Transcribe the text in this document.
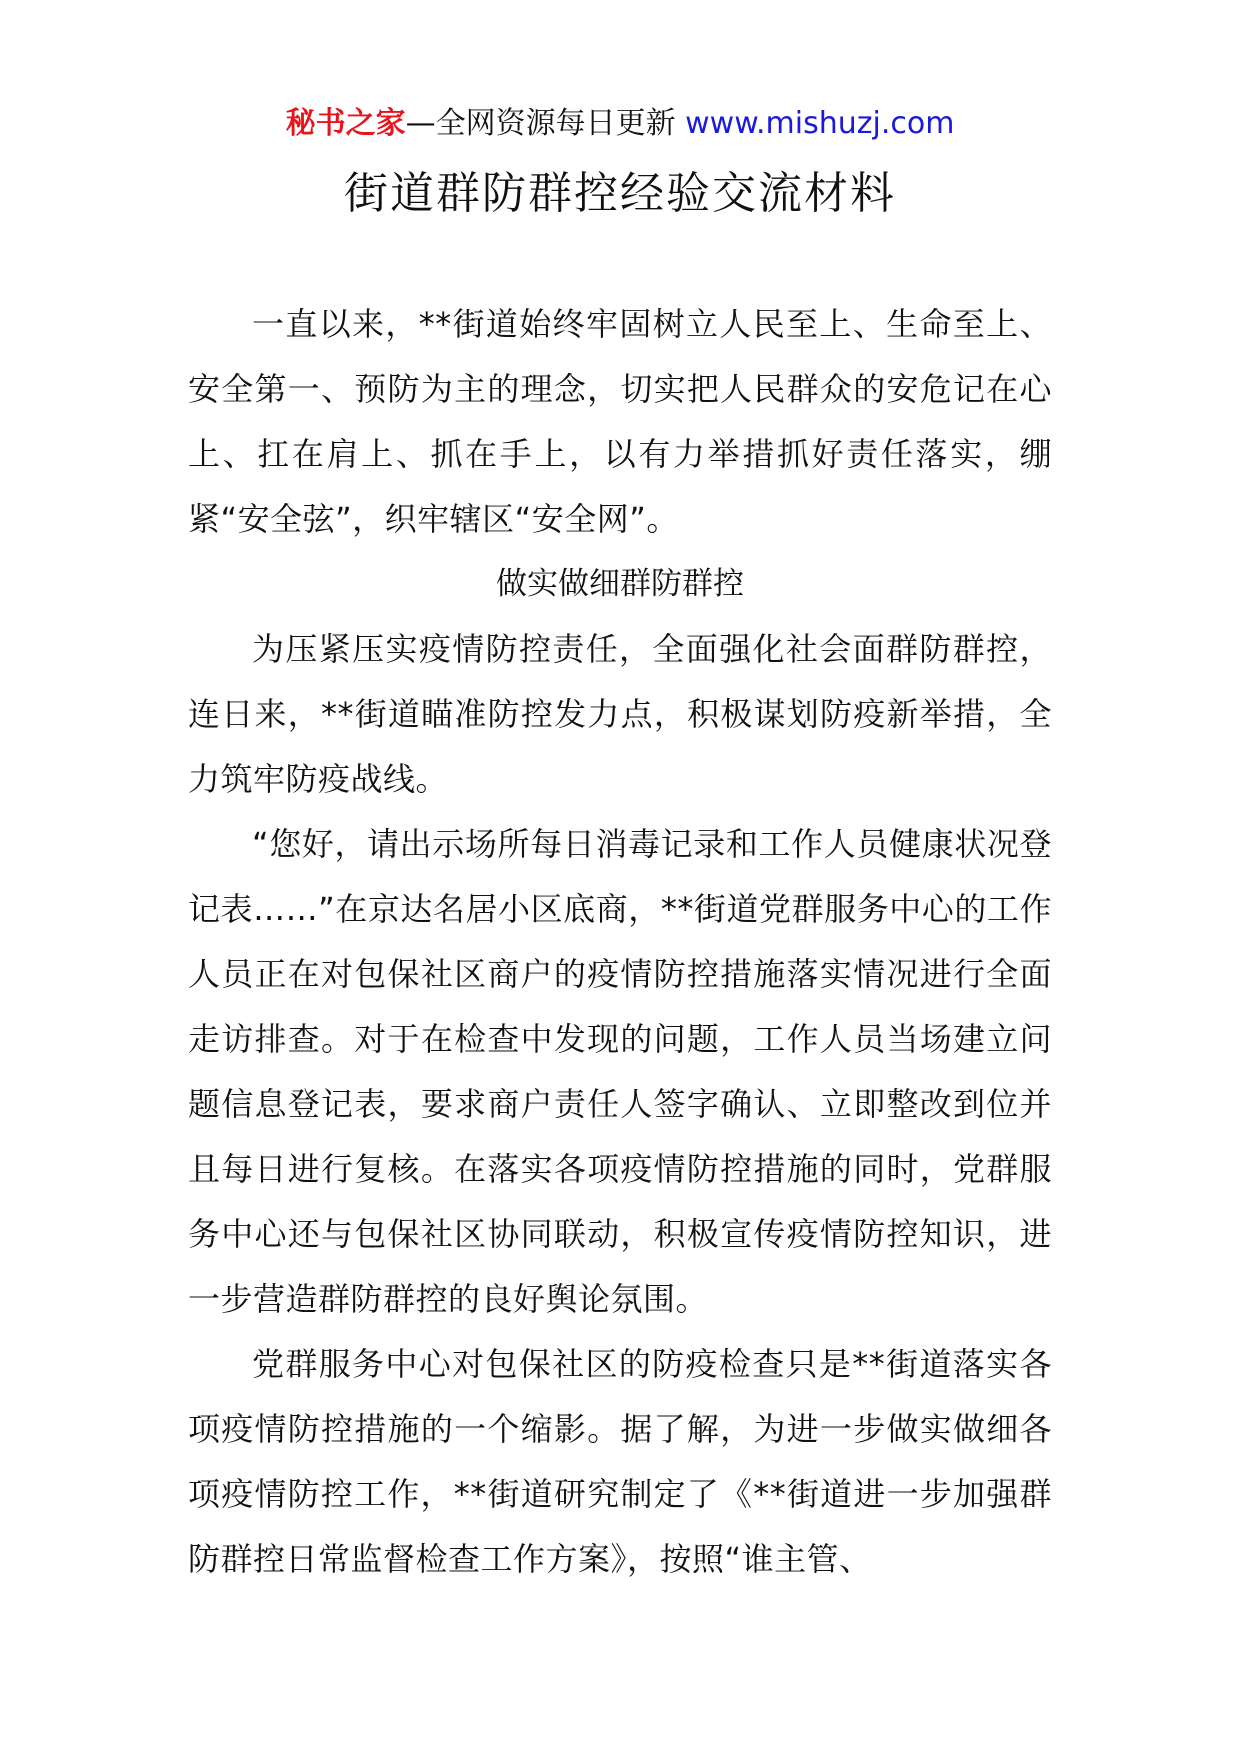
秘书之家—全网资源每日更新 www.mishuzj.com
街道群防群控经验交流材料

一直以来，**街道始终牢固树立人民至上、生命至上、安全第一、预防为主的理念，切实把人民群众的安危记在心上、扛在肩上、抓在手上，以有力举措抓好责任落实，绷紧“安全弦”，织牢辖区“安全网”。

做实做细群防群控

为压紧压实疫情防控责任，全面强化社会面群防群控，连日来，**街道瞄准防控发力点，积极谋划防疫新举措，全力筑牢防疫战线。

“您好，请出示场所每日消毒记录和工作人员健康状况登记表……”在京达名居小区底商，**街道党群服务中心的工作人员正在对包保社区商户的疫情防控措施落实情况进行全面走访排查。对于在检查中发现的问题，工作人员当场建立问题信息登记表，要求商户责任人签字确认、立即整改到位并且每日进行复核。在落实各项疫情防控措施的同时，党群服务中心还与包保社区协同联动，积极宣传疫情防控知识，进一步营造群防群控的良好舆论氛围。

党群服务中心对包保社区的防疫检查只是**街道落实各项疫情防控措施的一个缩影。据了解，为进一步做实做细各项疫情防控工作，**街道研究制定了《**街道进一步加强群防群控日常监督检查工作方案》，按照“谁主管、
